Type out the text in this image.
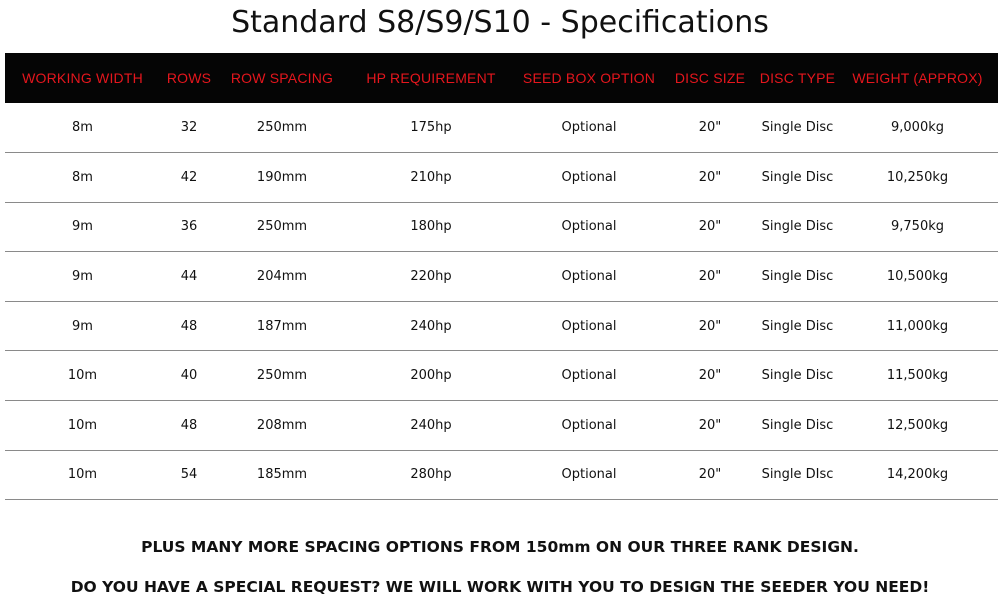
Standard S8/S9/S10 - Specifications
WORKING WIDTH	ROWS	ROW SPACING	HP REQUIREMENT	SEED BOX OPTION	DISC SIZE	DISC TYPE	WEIGHT (APPROX)
8m	32	250mm	175hp	Optional	20"	Single Disc	9,000kg
8m	42	190mm	210hp	Optional	20"	Single Disc	10,250kg
9m	36	250mm	180hp	Optional	20"	Single Disc	9,750kg
9m	44	204mm	220hp	Optional	20"	Single Disc	10,500kg
9m	48	187mm	240hp	Optional	20"	Single Disc	11,000kg
10m	40	250mm	200hp	Optional	20"	Single Disc	11,500kg
10m	48	208mm	240hp	Optional	20"	Single Disc	12,500kg
10m	54	185mm	280hp	Optional	20"	Single DIsc	14,200kg

PLUS MANY MORE SPACING OPTIONS FROM 150mm ON OUR THREE RANK DESIGN.

DO YOU HAVE A SPECIAL REQUEST? WE WILL WORK WITH YOU TO DESIGN THE SEEDER YOU NEED!
